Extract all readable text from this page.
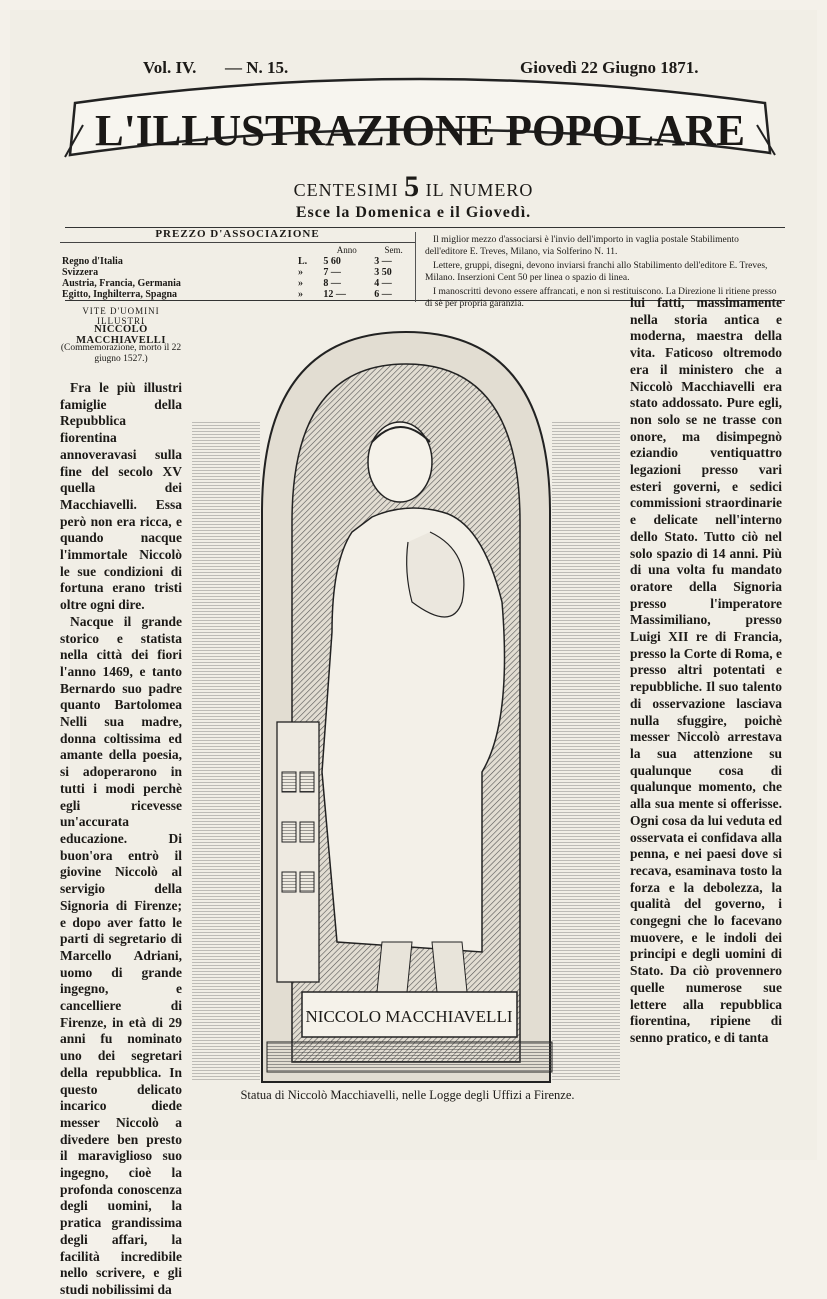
Vol. IV. — N. 15.	Giovedì 22 Giugno 1871.
L'ILLUSTRAZIONE POPOLARE
CENTESIMI 5 IL NUMERO
Esce la Domenica e il Giovedì.
PREZZO D'ASSOCIAZIONE
		Anno	Sem.
Regno d'Italia	L.	5 60	3 —
Svizzera	»	7 —	3 50
Austria, Francia, Germania	»	8 —	4 —
Egitto, Inghilterra, Spagna	»	12 —	6 —

Il miglior mezzo d'associarsi è l'invio dell'importo in vaglia postale Stabilimento dell'editore E. Treves, Milano, via Solferino N. 11.

Lettere, gruppi, disegni, devono inviarsi franchi allo Stabilimento dell'editore E. Treves, Milano. Inserzioni Cent 50 per linea o spazio di linea.

I manoscritti devono essere affrancati, e non si restituiscono. La Direzione li ritiene presso di sè per propria garanzia.

VITE D'UOMINI ILLUSTRI
NICCOLÒ MACCHIAVELLI
(Commemorazione, morto il 22 giugno 1527.)

Fra le più illustri famiglie della Repubblica fiorentina annoveravasi sulla fine del secolo XV quella dei Macchiavelli. Essa però non era ricca, e quando nacque l'immortale Niccolò le sue condizioni di fortuna erano tristi oltre ogni dire.

Nacque il grande storico e statista nella città dei fiori l'anno 1469, e tanto Bernardo suo padre quanto Bartolomea Nelli sua madre, donna coltissima ed amante della poesia, si adoperarono in tutti i modi perchè egli ricevesse un'accurata educazione. Di buon'ora entrò il giovine Niccolò al servigio della Signoria di Firenze; e dopo aver fatto le parti di segretario di Marcello Adriani, uomo di grande ingegno, e cancelliere di Firenze, in età di 29 anni fu nominato uno dei segretari della repubblica. In questo delicato incarico diede messer Niccolò a divedere ben presto il maraviglioso suo ingegno, cioè la profonda conoscenza degli uomini, la pratica grandissima degli affari, la facilità incredibile nello scrivere, e gli studi nobilissimi da

NICCOLO MACCHIAVELLI
Statua di Niccolò Macchiavelli, nelle Logge degli Uffizi a Firenze.

lui fatti, massimamente nella storia antica e moderna, maestra della vita. Faticoso oltremodo era il ministero che a Niccolò Macchiavelli era stato addossato. Pure egli, non solo se ne trasse con onore, ma disimpegnò eziandio ventiquattro legazioni presso vari esteri governi, e sedici commissioni straordinarie e delicate nell'interno dello Stato. Tutto ciò nel solo spazio di 14 anni. Più di una volta fu mandato oratore della Signoria presso l'imperatore Massimiliano, presso Luigi XII re di Francia, presso la Corte di Roma, e presso altri potentati e repubbliche. Il suo talento di osservazione lasciava nulla sfuggire, poichè messer Niccolò arrestava la sua attenzione su qualunque cosa di qualunque momento, che alla sua mente si offerisse. Ogni cosa da lui veduta ed osservata ei confidava alla penna, e nei paesi dove si recava, esaminava tosto la forza e la debolezza, la qualità del governo, i congegni che lo facevano muovere, e le indoli dei principi e degli uomini di Stato. Da ciò provennero quelle numerose sue lettere alla repubblica fiorentina, ripiene di senno pratico, e di tanta
